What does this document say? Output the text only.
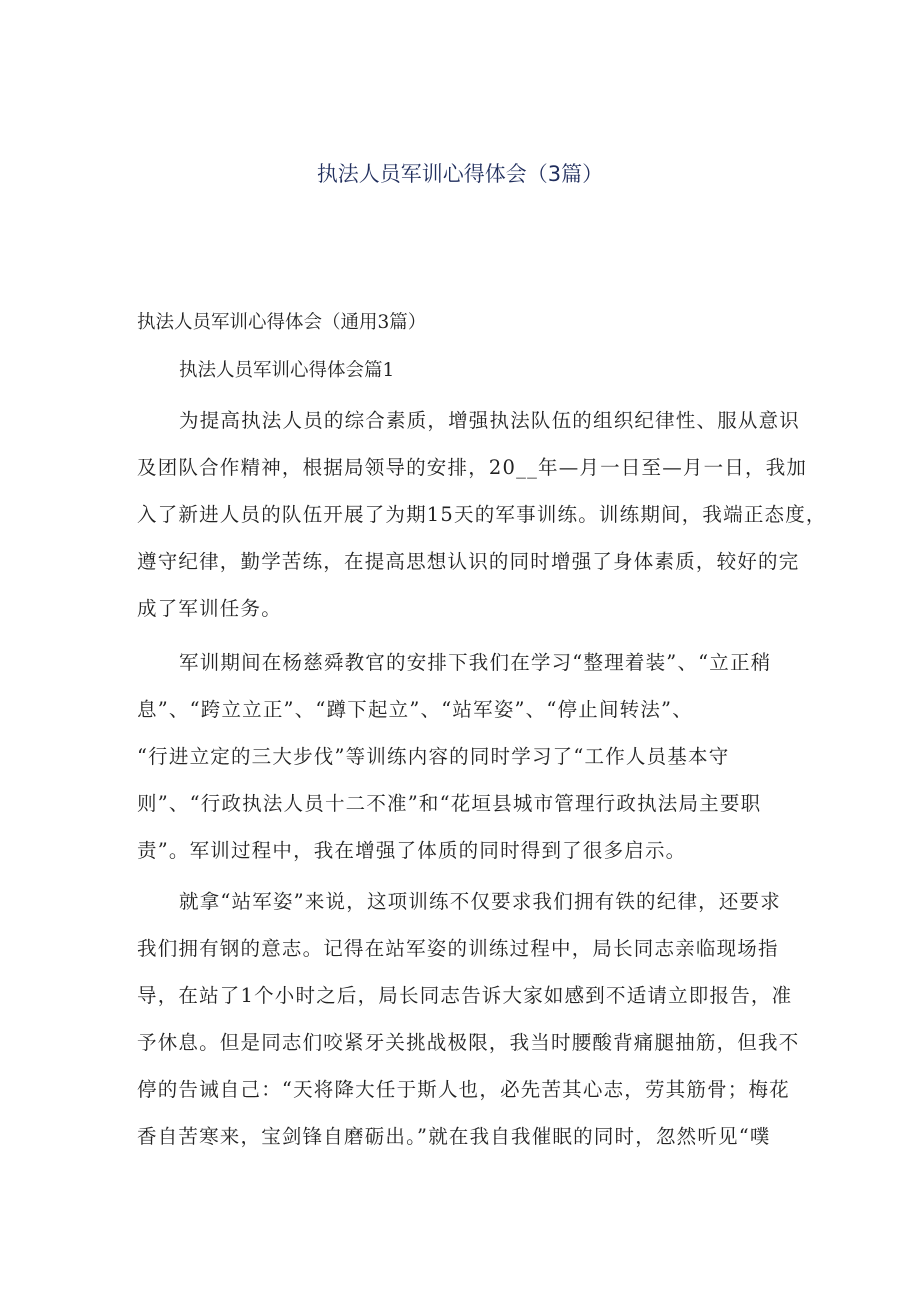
执法人员军训心得体会（3篇）
执法人员军训心得体会（通用3篇）
执法人员军训心得体会篇1
为提高执法人员的综合素质，增强执法队伍的组织纪律性、服从意识
及团队合作精神，根据局领导的安排，20__年—月一日至—月一日，我加
入了新进人员的队伍开展了为期15天的军事训练。训练期间，我端正态度，
遵守纪律，勤学苦练，在提高思想认识的同时增强了身体素质，较好的完
成了军训任务。
军训期间在杨慈舜教官的安排下我们在学习“整理着装”、“立正稍
息”、“跨立立正”、“蹲下起立”、“站军姿”、“停止间转法”、
“行进立定的三大步伐”等训练内容的同时学习了“工作人员基本守
则”、“行政执法人员十二不准”和“花垣县城市管理行政执法局主要职
责”。军训过程中，我在增强了体质的同时得到了很多启示。
就拿“站军姿”来说，这项训练不仅要求我们拥有铁的纪律，还要求
我们拥有钢的意志。记得在站军姿的训练过程中，局长同志亲临现场指
导，在站了1个小时之后，局长同志告诉大家如感到不适请立即报告，准
予休息。但是同志们咬紧牙关挑战极限，我当时腰酸背痛腿抽筋，但我不
停的告诫自己：“天将降大任于斯人也，必先苦其心志，劳其筋骨；梅花
香自苦寒来，宝剑锋自磨砺出。”就在我自我催眠的同时，忽然听见“噗
